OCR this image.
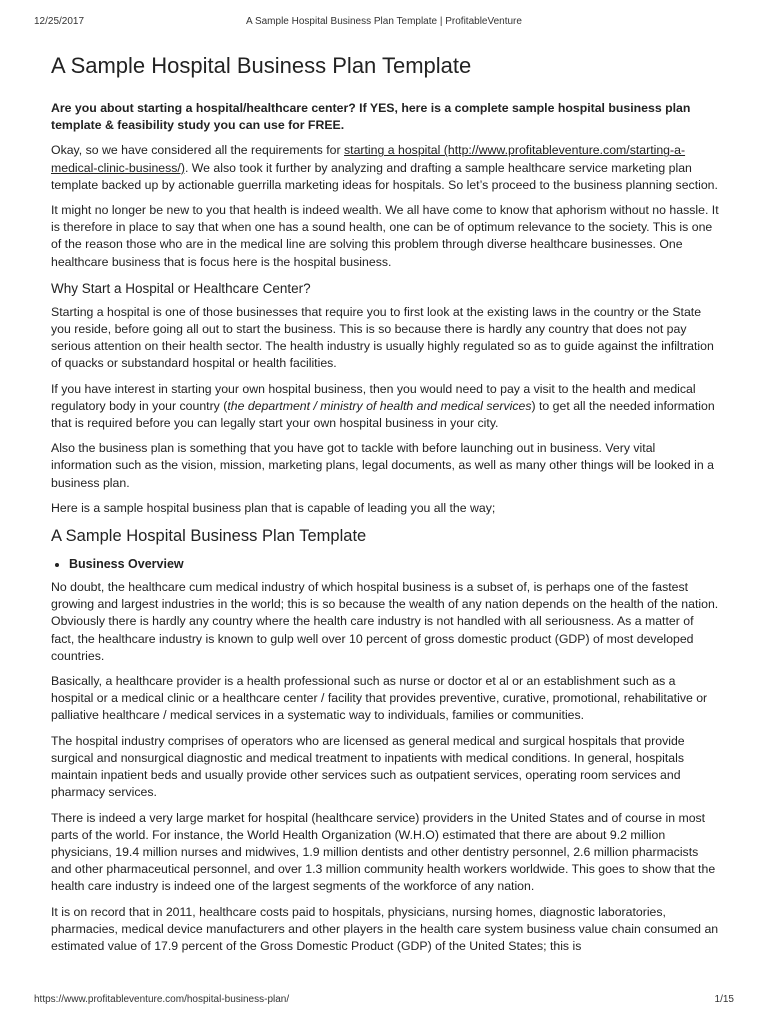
12/25/2017	A Sample Hospital Business Plan Template | ProfitableVenture
A Sample Hospital Business Plan Template

Are you about starting a hospital/healthcare center? If YES, here is a complete sample hospital business plan template & feasibility study you can use for FREE.

Okay, so we have considered all the requirements for starting a hospital (http://www.profitableventure.com/starting-a-medical-clinic-business/). We also took it further by analyzing and drafting a sample healthcare service marketing plan template backed up by actionable guerrilla marketing ideas for hospitals. So let’s proceed to the business planning section.

It might no longer be new to you that health is indeed wealth. We all have come to know that aphorism without no hassle. It is therefore in place to say that when one has a sound health, one can be of optimum relevance to the society. This is one of the reason those who are in the medical line are solving this problem through diverse healthcare businesses. One healthcare business that is focus here is the hospital business.

Why Start a Hospital or Healthcare Center?

Starting a hospital is one of those businesses that require you to first look at the existing laws in the country or the State you reside, before going all out to start the business. This is so because there is hardly any country that does not pay serious attention on their health sector. The health industry is usually highly regulated so as to guide against the infiltration of quacks or substandard hospital or health facilities.

If you have interest in starting your own hospital business, then you would need to pay a visit to the health and medical regulatory body in your country (the department / ministry of health and medical services) to get all the needed information that is required before you can legally start your own hospital business in your city.

Also the business plan is something that you have got to tackle with before launching out in business. Very vital information such as the vision, mission, marketing plans, legal documents, as well as many other things will be looked in a business plan.

Here is a sample hospital business plan that is capable of leading you all the way;

A Sample Hospital Business Plan Template
• Business Overview

No doubt, the healthcare cum medical industry of which hospital business is a subset of, is perhaps one of the fastest growing and largest industries in the world; this is so because the wealth of any nation depends on the health of the nation. Obviously there is hardly any country where the health care industry is not handled with all seriousness. As a matter of fact, the healthcare industry is known to gulp well over 10 percent of gross domestic product (GDP) of most developed countries.

Basically, a healthcare provider is a health professional such as nurse or doctor et al or an establishment such as a hospital or a medical clinic or a healthcare center / facility that provides preventive, curative, promotional, rehabilitative or palliative healthcare / medical services in a systematic way to individuals, families or communities.

The hospital industry comprises of operators who are licensed as general medical and surgical hospitals that provide surgical and nonsurgical diagnostic and medical treatment to inpatients with medical conditions. In general, hospitals maintain inpatient beds and usually provide other services such as outpatient services, operating room services and pharmacy services.

There is indeed a very large market for hospital (healthcare service) providers in the United States and of course in most parts of the world. For instance, the World Health Organization (W.H.O) estimated that there are about 9.2 million physicians, 19.4 million nurses and midwives, 1.9 million dentists and other dentistry personnel, 2.6 million pharmacists and other pharmaceutical personnel, and over 1.3 million community health workers worldwide. This goes to show that the health care industry is indeed one of the largest segments of the workforce of any nation.

It is on record that in 2011, healthcare costs paid to hospitals, physicians, nursing homes, diagnostic laboratories, pharmacies, medical device manufacturers and other players in the health care system business value chain consumed an estimated value of 17.9 percent of the Gross Domestic Product (GDP) of the United States; this is

https://www.profitableventure.com/hospital-business-plan/	1/15
